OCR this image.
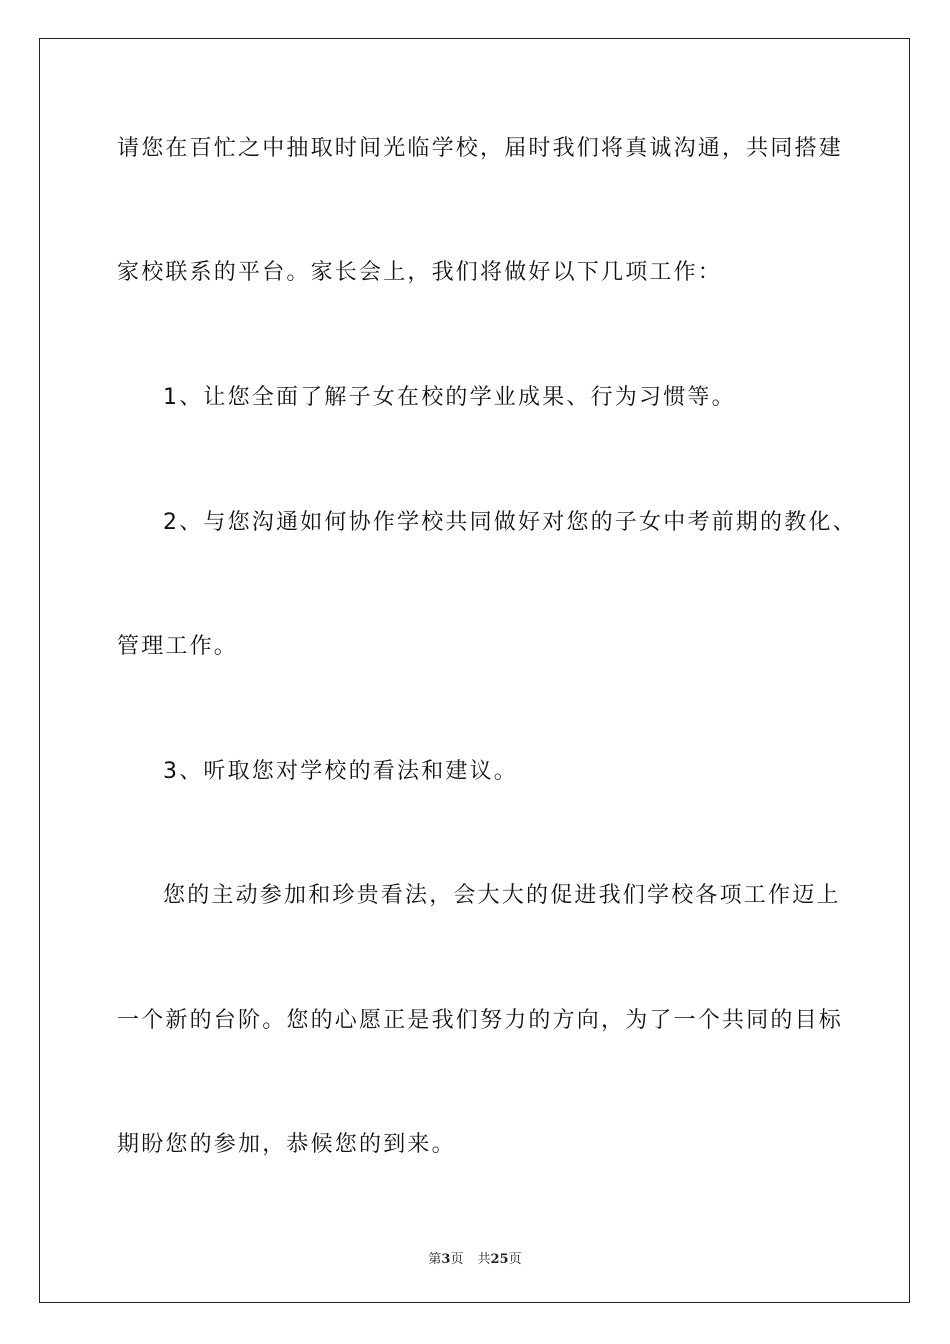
请您在百忙之中抽取时间光临学校，届时我们将真诚沟通，共同搭建
家校联系的平台。家长会上，我们将做好以下几项工作：
1、让您全面了解子女在校的学业成果、行为习惯等。
2、与您沟通如何协作学校共同做好对您的子女中考前期的教化、
管理工作。
3、听取您对学校的看法和建议。
您的主动参加和珍贵看法，会大大的促进我们学校各项工作迈上
一个新的台阶。您的心愿正是我们努力的方向，为了一个共同的目标
期盼您的参加，恭候您的到来。
第3页 共25页
